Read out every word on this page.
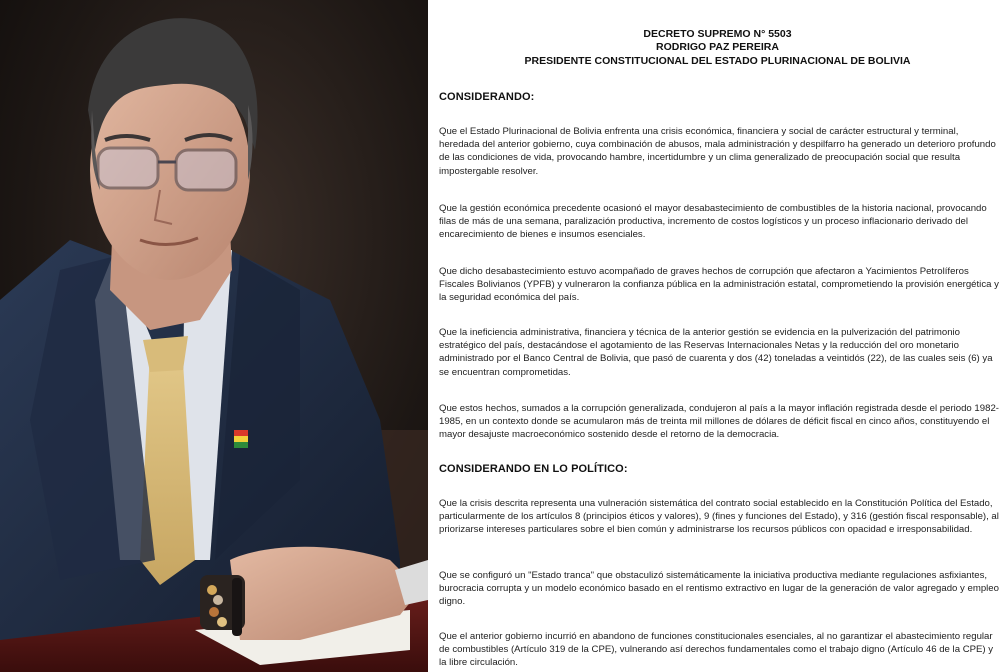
DECRETO SUPREMO N° 5503
RODRIGO PAZ PEREIRA
PRESIDENTE CONSTITUCIONAL DEL ESTADO PLURINACIONAL DE BOLIVIA
CONSIDERANDO:

Que el Estado Plurinacional de Bolivia enfrenta una crisis económica, financiera y social de carácter estructural y terminal, heredada del anterior gobierno, cuya combinación de abusos, mala administración y despilfarro ha generado un deterioro profundo de las condiciones de vida, provocando hambre, incertidumbre y un clima generalizado de preocupación social que resulta impostergable resolver.

Que la gestión económica precedente ocasionó el mayor desabastecimiento de combustibles de la historia nacional, provocando filas de más de una semana, paralización productiva, incremento de costos logísticos y un proceso inflacionario derivado del encarecimiento de bienes e insumos esenciales.

Que dicho desabastecimiento estuvo acompañado de graves hechos de corrupción que afectaron a Yacimientos Petrolíferos Fiscales Bolivianos (YPFB) y vulneraron la confianza pública en la administración estatal, comprometiendo la provisión energética y la seguridad económica del país.

Que la ineficiencia administrativa, financiera y técnica de la anterior gestión se evidencia en la pulverización del patrimonio estratégico del país, destacándose el agotamiento de las Reservas Internacionales Netas y la reducción del oro monetario administrado por el Banco Central de Bolivia, que pasó de cuarenta y dos (42) toneladas a veintidós (22), de las cuales seis (6) ya se encuentran comprometidas.

Que estos hechos, sumados a la corrupción generalizada, condujeron al país a la mayor inflación registrada desde el periodo 1982-1985, en un contexto donde se acumularon más de treinta mil millones de dólares de déficit fiscal en cinco años, constituyendo el mayor desajuste macroeconómico sostenido desde el retorno de la democracia.

CONSIDERANDO EN LO POLÍTICO:

Que la crisis descrita representa una vulneración sistemática del contrato social establecido en la Constitución Política del Estado, particularmente de los artículos 8 (principios éticos y valores), 9 (fines y funciones del Estado), y 316 (gestión fiscal responsable), al priorizarse intereses particulares sobre el bien común y administrarse los recursos públicos con opacidad e irresponsabilidad.

Que se configuró un "Estado tranca" que obstaculizó sistemáticamente la iniciativa productiva mediante regulaciones asfixiantes, burocracia corrupta y un modelo económico basado en el rentismo extractivo en lugar de la generación de valor agregado y empleo digno.

Que el anterior gobierno incurrió en abandono de funciones constitucionales esenciales, al no garantizar el abastecimiento regular de combustibles (Artículo 319 de la CPE), vulnerando así derechos fundamentales como el trabajo digno (Artículo 46 de la CPE) y la libre circulación.
